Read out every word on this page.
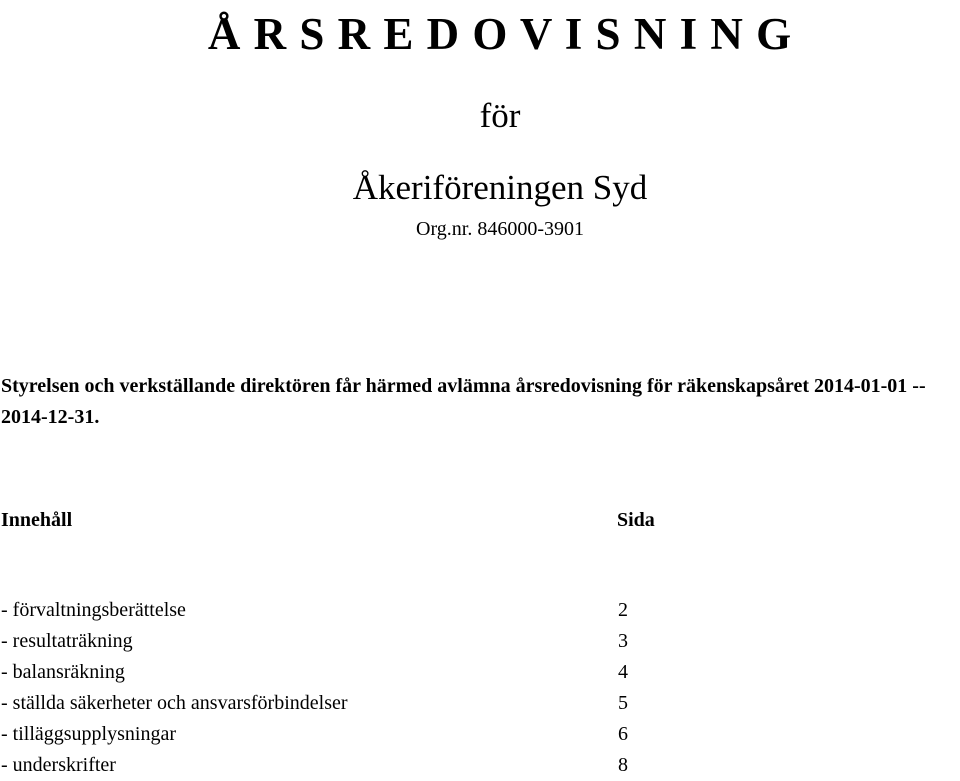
Å R S R E D O V I S N I N G
för
Åkeriföreningen Syd
Org.nr. 846000-3901
Styrelsen och verkställande direktören får härmed avlämna årsredovisning för räkenskapsåret 2014-01-01 -- 2014-12-31.
Innehåll	Sida
- förvaltningsberättelse	2
- resultaträkning	3
- balansräkning	4
- ställda säkerheter och ansvarsförbindelser	5
- tilläggsupplysningar	6
- underskrifter	8
